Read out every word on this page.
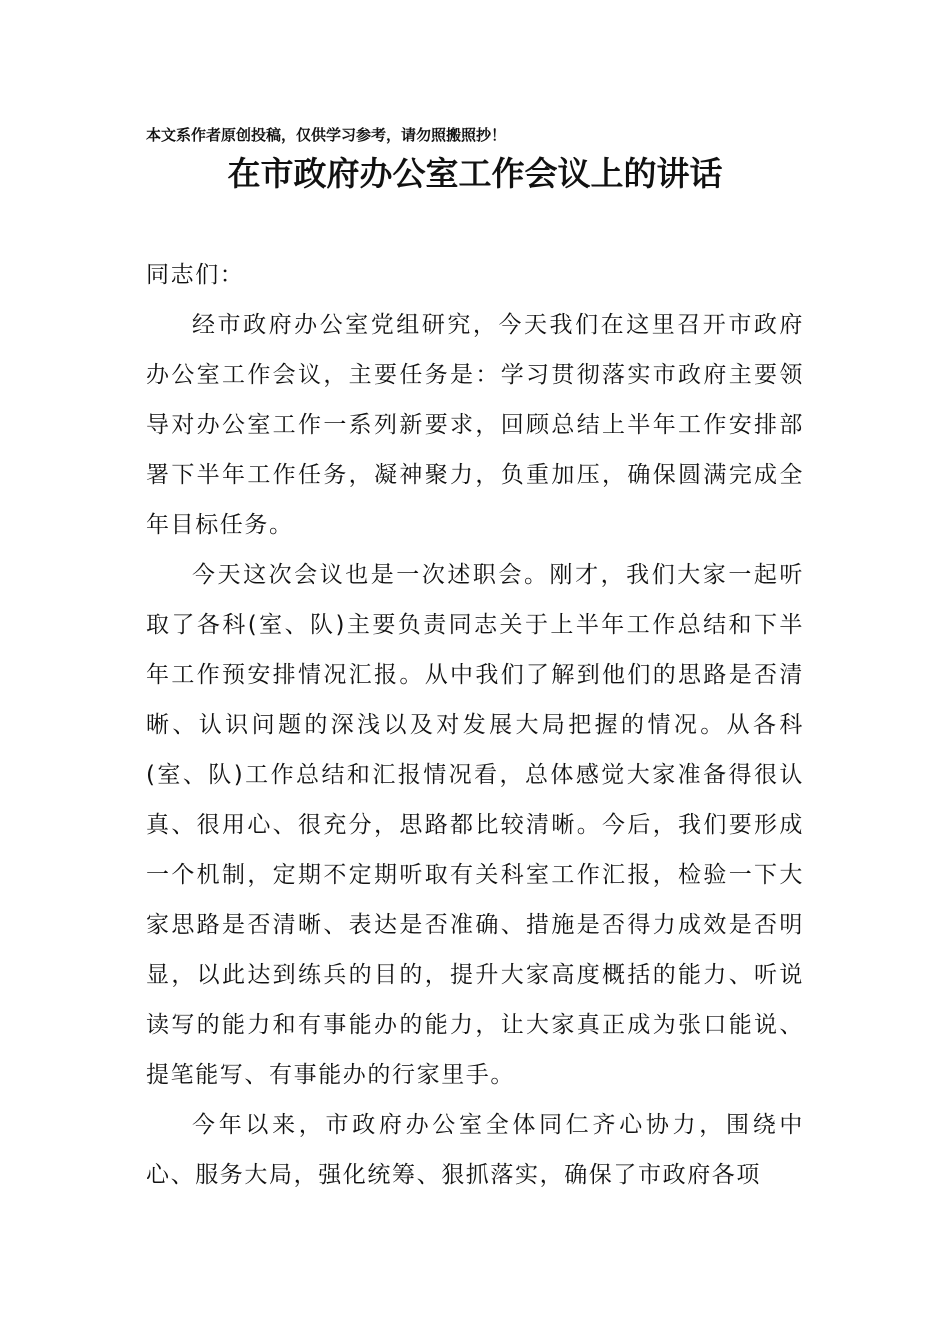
本文系作者原创投稿，仅供学习参考，请勿照搬照抄！
在市政府办公室工作会议上的讲话

同志们：

经市政府办公室党组研究，今天我们在这里召开市政府办公室工作会议，主要任务是：学习贯彻落实市政府主要领导对办公室工作一系列新要求，回顾总结上半年工作安排部署下半年工作任务，凝神聚力，负重加压，确保圆满完成全年目标任务。

今天这次会议也是一次述职会。刚才，我们大家一起听取了各科(室、队)主要负责同志关于上半年工作总结和下半年工作预安排情况汇报。从中我们了解到他们的思路是否清晰、认识问题的深浅以及对发展大局把握的情况。从各科(室、队)工作总结和汇报情况看，总体感觉大家准备得很认真、很用心、很充分，思路都比较清晰。今后，我们要形成一个机制，定期不定期听取有关科室工作汇报，检验一下大家思路是否清晰、表达是否准确、措施是否得力成效是否明显，以此达到练兵的目的，提升大家高度概括的能力、听说读写的能力和有事能办的能力，让大家真正成为张口能说、提笔能写、有事能办的行家里手。

今年以来，市政府办公室全体同仁齐心协力，围绕中心、服务大局，强化统筹、狠抓落实，确保了市政府各项
